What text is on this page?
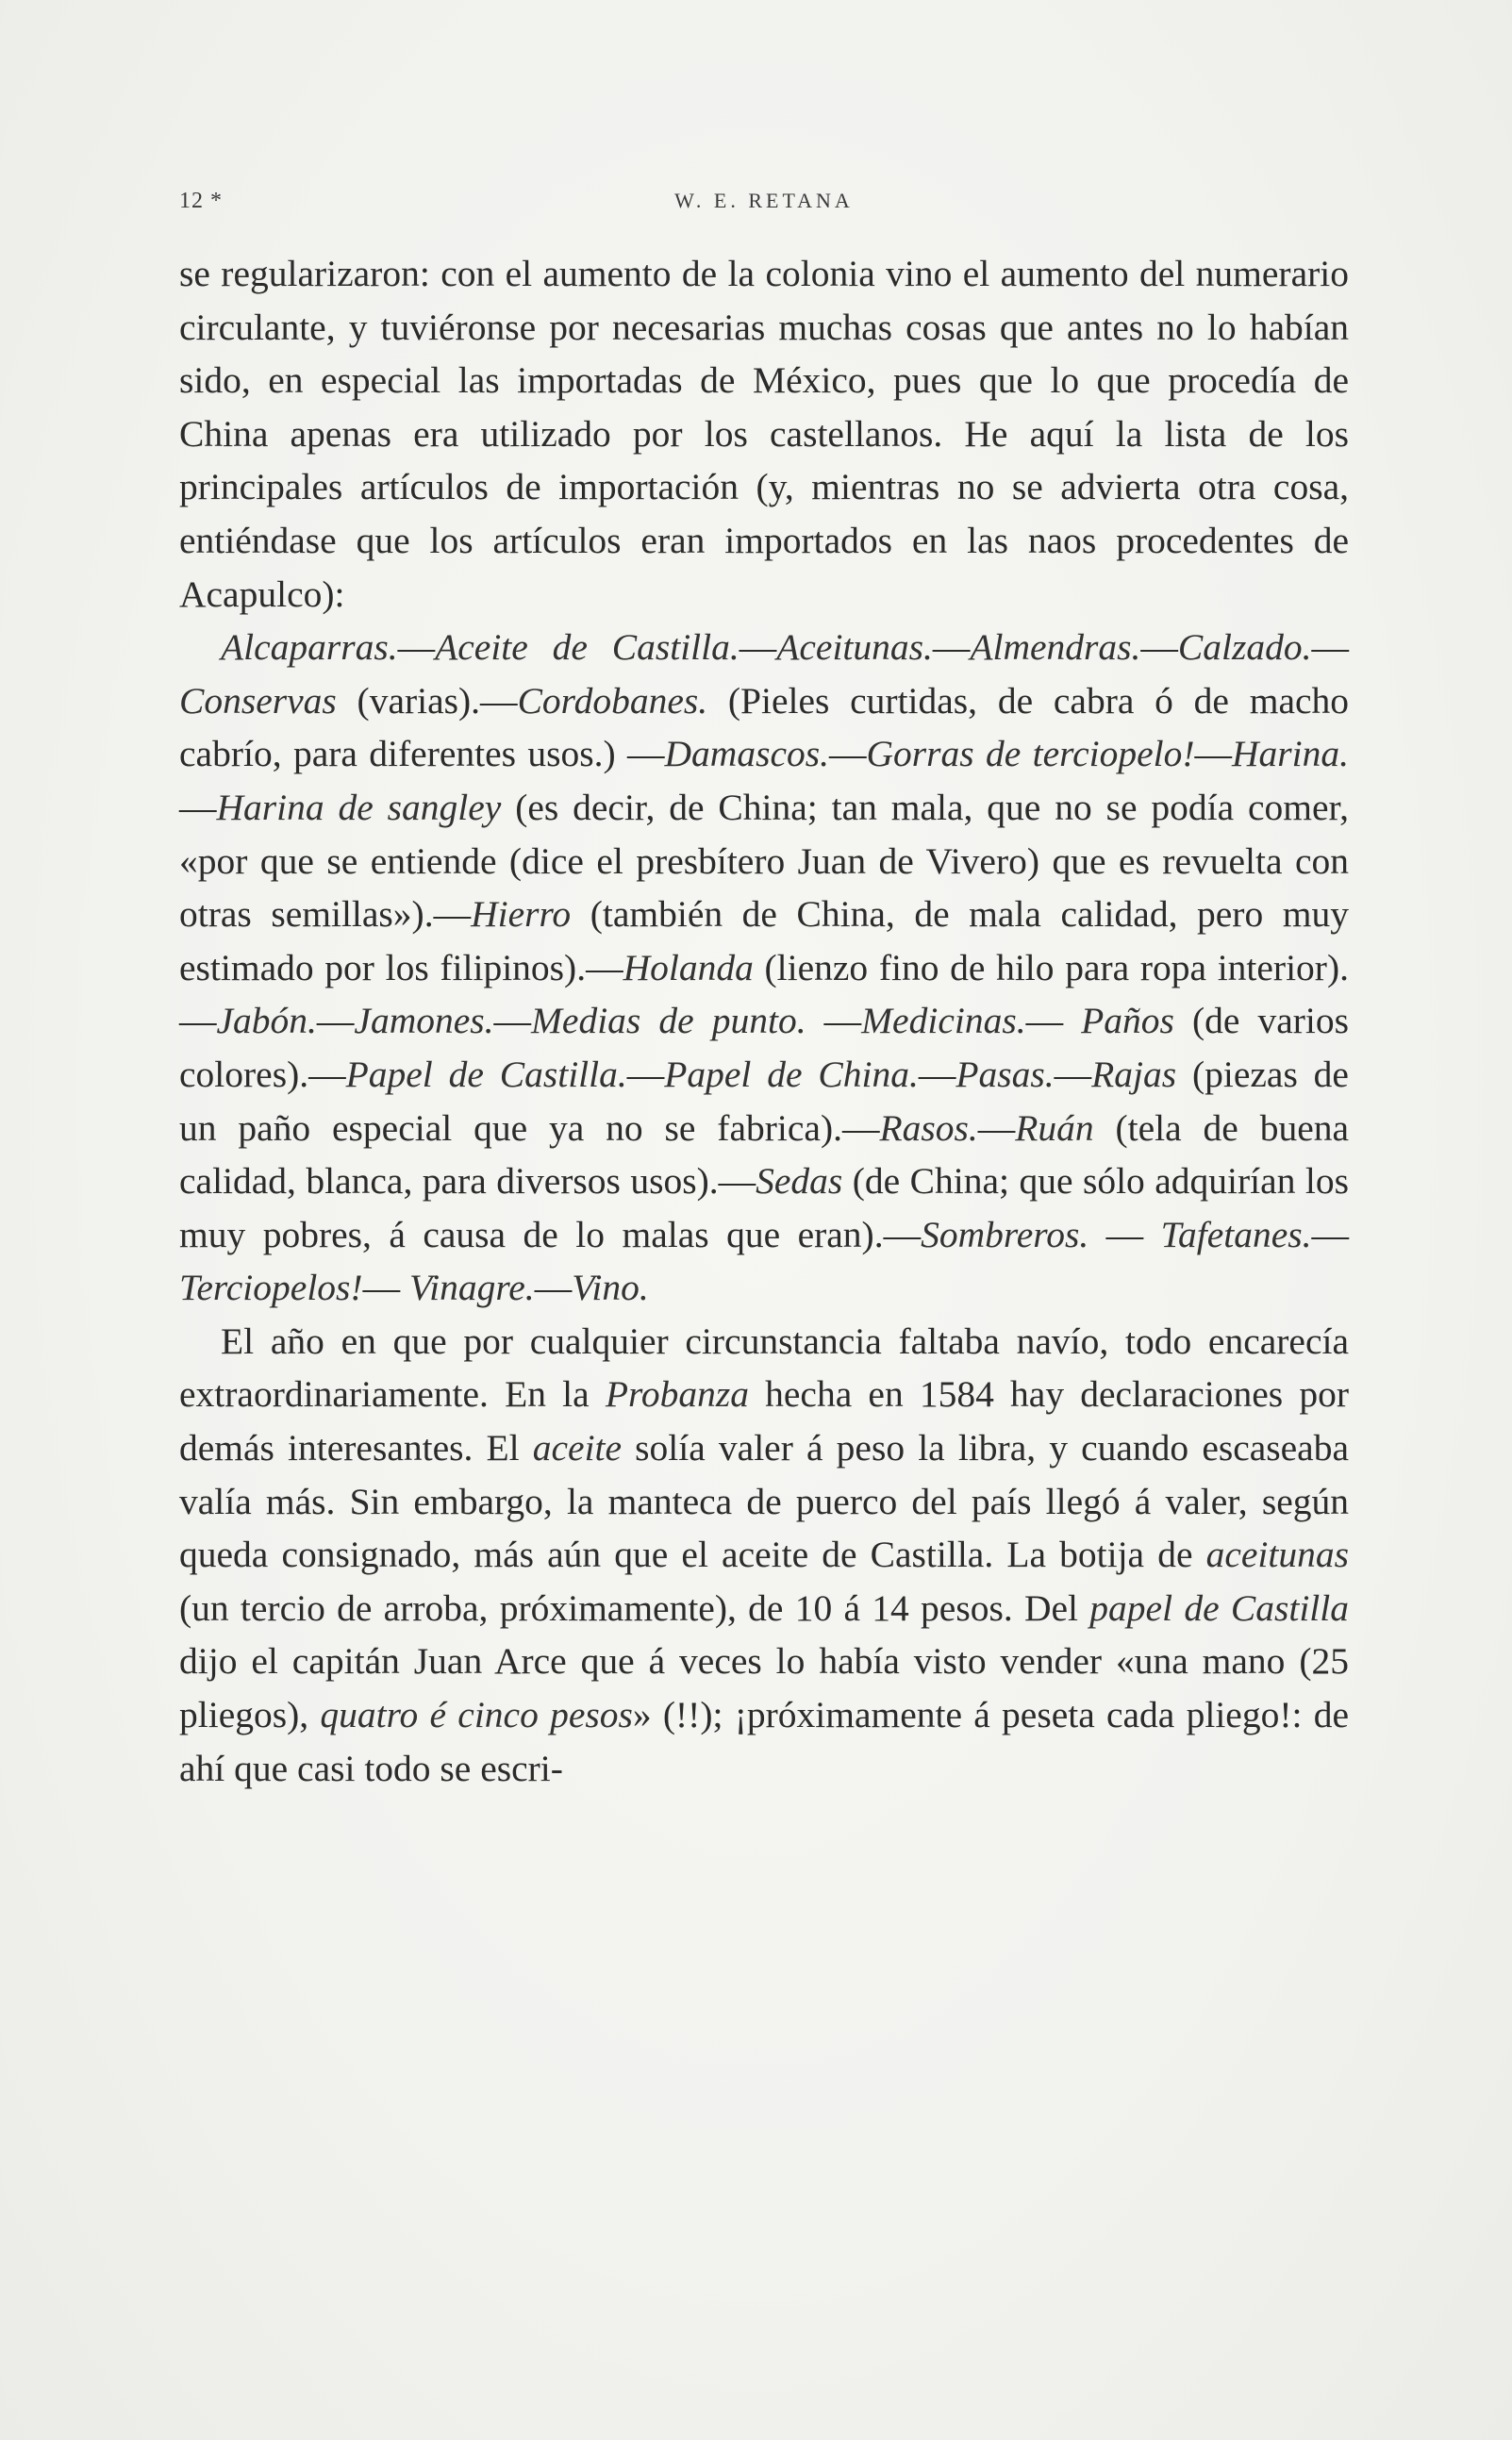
12 *	W. E. RETANA

se regularizaron: con el aumento de la colonia vino el aumento del numerario circulante, y tuviéronse por necesarias muchas cosas que antes no lo habían sido, en especial las importadas de México, pues que lo que procedía de China apenas era utilizado por los castellanos. He aquí la lista de los principales artículos de importación (y, mientras no se advierta otra cosa, entiéndase que los artículos eran importados en las naos procedentes de Acapulco):

Alcaparras.—Aceite de Castilla.—Aceitunas.—Almendras.—Calzado.—Conservas (varias).—Cordobanes. (Pieles curtidas, de cabra ó de macho cabrío, para diferentes usos.) —Damascos.—Gorras de terciopelo!—Harina.—Harina de sangley (es decir, de China; tan mala, que no se podía comer, «por que se entiende (dice el presbítero Juan de Vivero) que es revuelta con otras semillas»).—Hierro (también de China, de mala calidad, pero muy estimado por los filipinos).—Holanda (lienzo fino de hilo para ropa interior).—Jabón.—Jamones.—Medias de punto. —Medicinas.— Paños (de varios colores).—Papel de Castilla.—Papel de China.—Pasas.—Rajas (piezas de un paño especial que ya no se fabrica).—Rasos.—Ruán (tela de buena calidad, blanca, para diversos usos).—Sedas (de China; que sólo adquirían los muy pobres, á causa de lo malas que eran).—Sombreros. — Tafetanes.— Terciopelos!— Vinagre.—Vino.

El año en que por cualquier circunstancia faltaba navío, todo encarecía extraordinariamente. En la Probanza hecha en 1584 hay declaraciones por demás interesantes. El aceite solía valer á peso la libra, y cuando escaseaba valía más. Sin embargo, la manteca de puerco del país llegó á valer, según queda consignado, más aún que el aceite de Castilla. La botija de aceitunas (un tercio de arroba, próximamente), de 10 á 14 pesos. Del papel de Castilla dijo el capitán Juan Arce que á veces lo había visto vender «una mano (25 pliegos), quatro é cinco pesos» (!!); ¡próximamente á peseta cada pliego!: de ahí que casi todo se escri-
